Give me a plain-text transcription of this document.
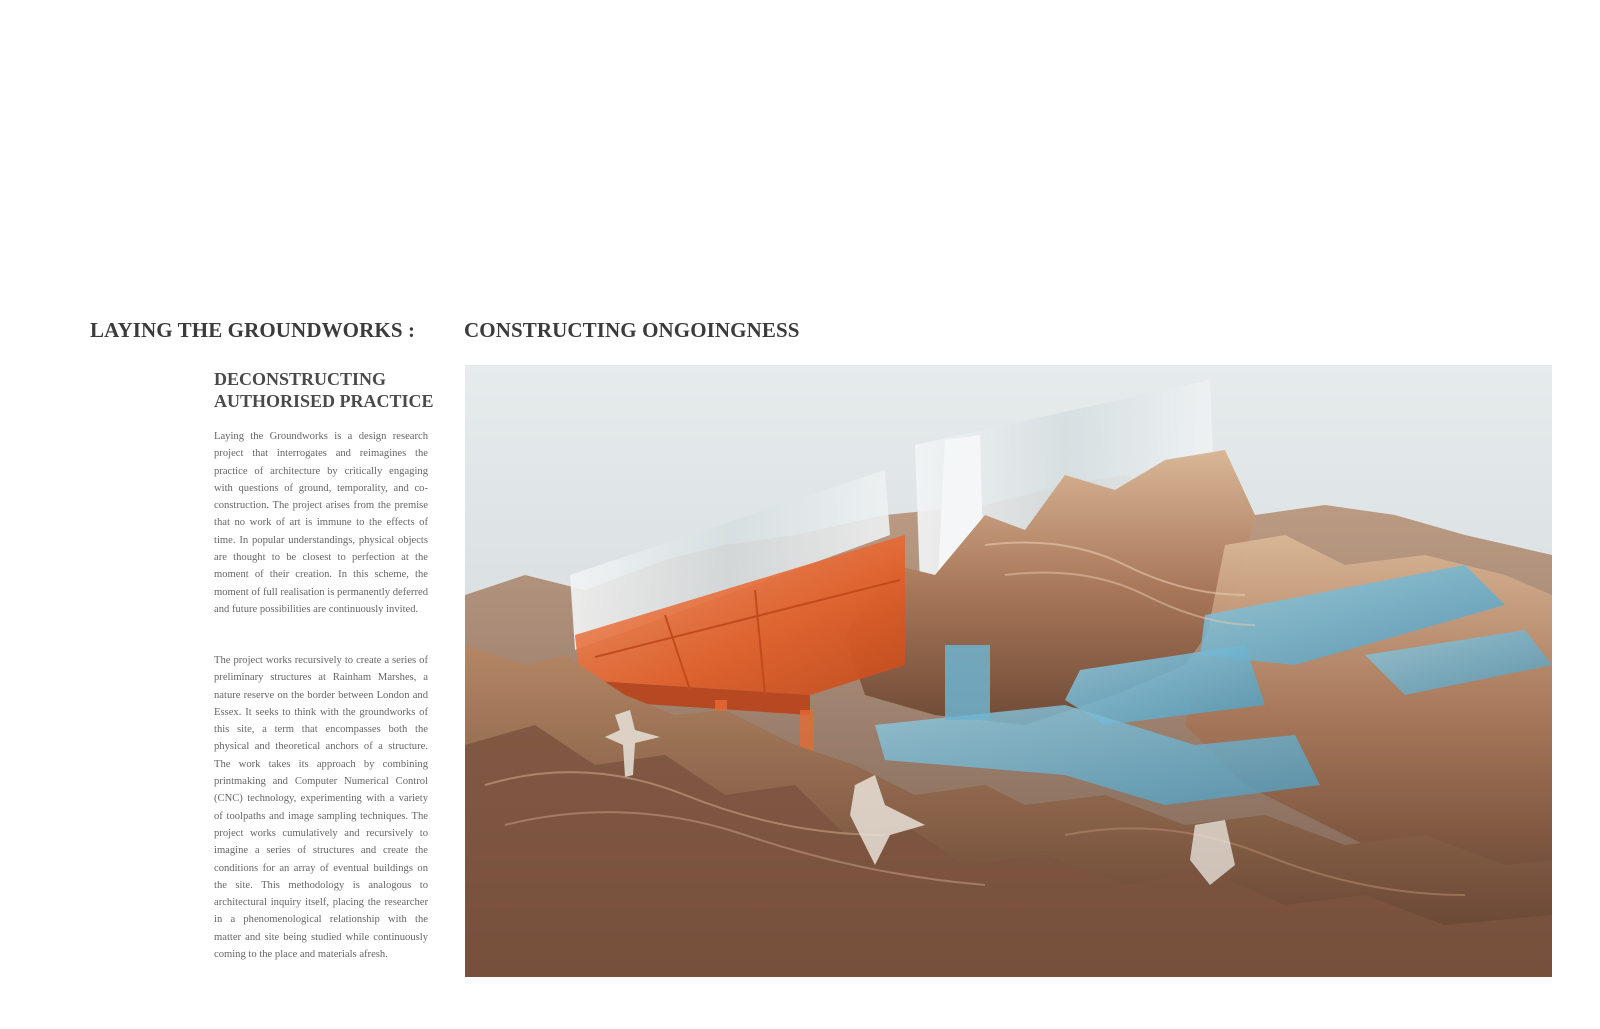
LAYING THE GROUNDWORKS : CONSTRUCTING ONGOINGNESS
DECONSTRUCTING
AUTHORISED PRACTICE

Laying the Groundworks is a design research project that interrogates and reimagines the practice of architecture by critically engaging with questions of ground, temporality, and co-construction. The project arises from the premise that no work of art is immune to the effects of time. In popular understandings, physical objects are thought to be closest to perfection at the moment of their creation. In this scheme, the moment of full realisation is permanently deferred and future possibilities are continuously invited.

The project works recursively to create a series of preliminary structures at Rainham Marshes, a nature reserve on the border between London and Essex. It seeks to think with the groundworks of this site, a term that encompasses both the physical and theoretical anchors of a structure. The work takes its approach by combining printmaking and Computer Numerical Control (CNC) technology, experimenting with a variety of toolpaths and image sampling techniques. The project works cumulatively and recursively to imagine a series of structures and create the conditions for an array of eventual buildings on the site. This methodology is analogous to architectural inquiry itself, placing the researcher in a phenomenological relationship with the matter and site being studied while continuously coming to the place and materials afresh.
